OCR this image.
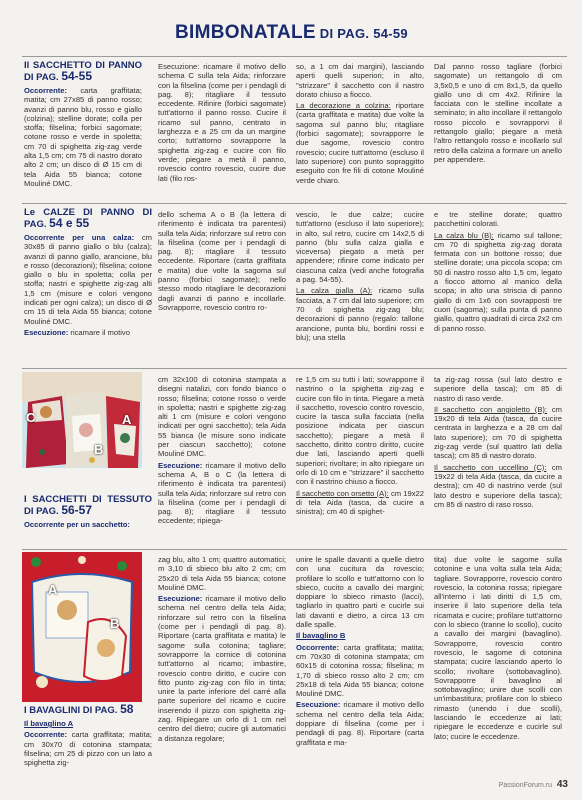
BIMBONATALE DI PAG. 54-59
Il SACCHETTO DI PANNO DI PAG. 54-55

Occorrente: carta graffitata; matita; cm 27x85 di panno rosso; avanzi di panno blu, rosso e giallo (colzina); stelline dorate; colla per stoffa; filselina; forbici sagomate; cotone rosso e verde in spoletta; cm 70 di spighetta zig-zag verde alta 1,5 cm; cm 75 di nastro dorato alto 2 cm; un disco di Ø 15 cm di tela Aida 55 bianca; cotone Mouliné DMC.

Esecuzione: ricamare il motivo dello schema C sulla tela Aida; rinforzare con la filselina (come per i pendagli di pag. 8); ritagliare il tessuto eccedente. Rifinire (forbici sagomate) tutt'attorno il panno rosso. Cucire il ricamo sul panno, centrato in larghezza e a 25 cm da un margine corto; tutt'attorno sovrapporre la spighetta zig-zag e cucire con filo verde; piegare a metà il panno, rovescio contro rovescio, cucire due lati (filo ros-

so, a 1 cm dai margini), lasciando aperti quelli superiori; in alto, "strizzare" il sacchetto con il nastro dorato chiuso a fiocco.

La decorazione a colzina: riportare (carta graffitata e matita) due volte la sagoma sul panno blu; ritagliare (forbici sagomate); sovrapporre le due sagome, rovescio contro rovescio; cucire tutt'attorno (escluso il lato superiore) con punto sopraggitto eseguito con fre fili di cotone Mouliné verde chiaro.

Dal panno rosso tagliare (forbici sagomate) un rettangolo di cm 3,5x0,5 e uno di cm 8x1,5, da quello giallo uno di cm 4x2. Rifinire la facciata con le stelline incollate a seminato; in alto incollare il rettangolo rosso piccolo e sovrapporvi il rettangolo giallo; piegare a metà l'altro rettangolo rosso e incollarlo sul retro della calzina a formare un anello per appendere.

Le CALZE DI PANNO DI PAG. 54 e 55

Occorrente per una calza: cm 30x85 di panno giallo o blu (calza); avanzi di panno giallo, arancione, blu e rosso (decorazioni); filselina; cotone giallo o blu in spoletta; colla per stoffa; nastri e spighette zig-zag alti 1,5 cm (misure e colori vengono indicati per ogni calza); un disco di Ø cm 15 di tela Aida 55 bianca; cotone Mouliné DMC.

Esecuzione: ricamare il motivo

dello schema A o B (la lettera di riferimento è indicata tra parentesi) sulla tela Aida; rinforzare sul retro con la filselina (come per i pendagli di pag. 8); ritagliare il tessuto eccedente. Riportare (carta graffitata e matita) due volte la sagoma sul panno (forbici sagomate); nello stesso modo ritagliare le decorazioni dagli avanzi di panno e incollarle. Sovrapporre, rovescio contro ro-

vescio, le due calze; cucire tutt'attorno (escluso il lato superiore); in alto, sul retro, cucire cm 14x2,5 di panno (blu sulla calza gialla e viceversa) piegato a metà per appendere; rifinire come indicato per ciascuna calza (vedi anche fotografia a pag. 54-55).

La calza gialla (A): ricamo sulla facciata, a 7 cm dal lato superiore; cm 70 di spighetta zig-zag blu; decorazioni di panno (regalo: tallone arancione, punta blu, bordini rossi e blu); una stella

e tre stelline dorate; quattro pacchettini colorati.

La calza blu (B): ricamo sul tallone; cm 70 di spighetta zig-zag dorata fermata con un bottone rosso; due stelline dorate; una piccola scopa; cm 50 di nastro rosso alto 1,5 cm, legato a fiocco attorno al manico della scopa; in alto una striscia di panno giallo di cm 1x6 con sovrapposti tre cuori (sagoma); sulla punta di panno giallo, quattro quadrati di circa 2x2 cm di panno rosso.

C
B
A
I SACCHETTI DI TESSUTO DI PAG. 56-57

Occorrente per un sacchetto:

cm 32x100 di cotonina stampata a disegni natalizi, con fondo bianco o rosso; filselina; cotone rosso o verde in spoletta; nastri e spighette zig-zag alti 1 cm (misure e colori vengono indicati per ogni sacchetto); tela Aida 55 bianca (le misure sono indicate per ciascun sacchetto); cotone Mouliné DMC.

Esecuzione: ricamare il motivo dello schema A, B o C (la lettera di riferimento è indicata tra parentesi) sulla tela Aida; rinforzare sul retro con la filselina (come per i pendagli di pag. 8); ritagliare il tessuto eccedente; ripiega-

re 1,5 cm su tutti i lati; sovrapporre il nastrino o la spighetta zig-zag e cucire con filo in tinta. Piegare a metà il sacchetto, rovescio contro rovescio, cucire la tasca sulla facciata (nella posizione indicata per ciascun sacchetto); piegare a metà il sacchetto, diritto contro diritto, cucire due lati, lasciando aperti quelli superiori; rivoltare; in alto ripiegare un orlo di 10 cm e "strizzare" il sacchetto con il nastrino chiuso a fiocco.

Il sacchetto con orsetto (A): cm 19x22 di tela Aida (tasca, da cucire a sinistra); cm 40 di spighet-

ta zig-zag rossa (sul lato destro e superiore della tasca); cm 85 di nastro di raso verde.

Il sacchetto con angioletto (B): cm 19x20 di tela Aida (tasca, da cucire centrata in larghezza e a 28 cm dal lato superiore); cm 70 di spighetta zig-zag verde (sul quattro lati della tasca); cm 85 di nastro dorato.

Il sacchetto con uccellino (C): cm 19x22 di tela Aida (tasca, da cucire a destra); cm 40 di nastrino verde (sul lato destro e superiore della tasca); cm 85 di nastro di raso rosso.

A
B
I BAVAGLINI DI PAG. 58

Il bavaglino A

Occorrente: carta graffitata; matita; cm 30x70 di cotonina stampata; filselina; cm 25 di pizzo con un lato a spighetta zig-

zag blu, alto 1 cm; quattro automatici; m 3,10 di sbieco blu alto 2 cm; cm 25x20 di tela Aida 55 bianca; cotone Mouliné DMC.

Esecuzione: ricamare il motivo dello schema nel centro della tela Aida; rinforzare sul retro con la filselina (come per i pendagli di pag. 8). Riportare (carta graffitata e matita) le sagome sulla cotonina; tagliare; sovrapporre la cornice di cotonina tutt'attorno al ricamo; imbastire, rovescio contro diritto, e cucire con fitto punto zig-zag con filo in tinta; unire la parte inferiore del carré alla parte superiore del ricamo e cucire inserendo il pizzo con spighetta zig-zag. Ripiegare un orlo di 1 cm nel centro del dietro; cucire gli automatici a distanza regolare;

unire le spalle davanti a quelle dietro con una cucitura da rovescio; profilare lo scollo e tutt'attorno con lo sbieco, cucito a cavallo dei margini; doppiare lo sbieco rimasto (lacci), tagliarlo in quattro parti e cucirle sui lati davanti e dietro, a circa 13 cm dalle spalle.

Il bavaglino B

Occorrente: carta graffitata; matita; cm 70x30 di cotonina stampata; cm 60x15 di cotonina rossa; filselina; m 1,70 di sbieco rosso alto 2 cm; cm 25x18 di tela Aida 55 bianca; cotone Mouliné DMC.

Esecuzione: ricamare il motivo dello schema nel centro della tela Aida; doppiare di filselina (come per i pendagli di pag. 8). Riportare (carta graffitata e ma-

tita) due volte le sagome sulla cotonine e una volta sulla tela Aida; tagliare. Sovrapporre, rovescio contro rovescio, la cotonina rossa; ripiegare all'interno i lati diritti di 1,5 cm, inserire il lato superiore della tela ricamata e cucire; profilare tutt'attorno con lo sbieco (tranne lo scollo), cucito a cavallo dei margini (bavaglino). Sovrapporre, rovescio contro rovescio, le sagome di cotonina stampata; cucire lasciando aperto lo scollo; rivoltare (sottobavaglino). Sovrapporre il bavaglino al sottobavaglino; unire due scolli con un'imbastitura; profilare con lo sbieco rimasto (unendo i due scolli), lasciando le eccedenze ai lati; ripiegare le eccedenze e cucirle sul lato; cucire le eccedenze.

PassionForum.ru 43
